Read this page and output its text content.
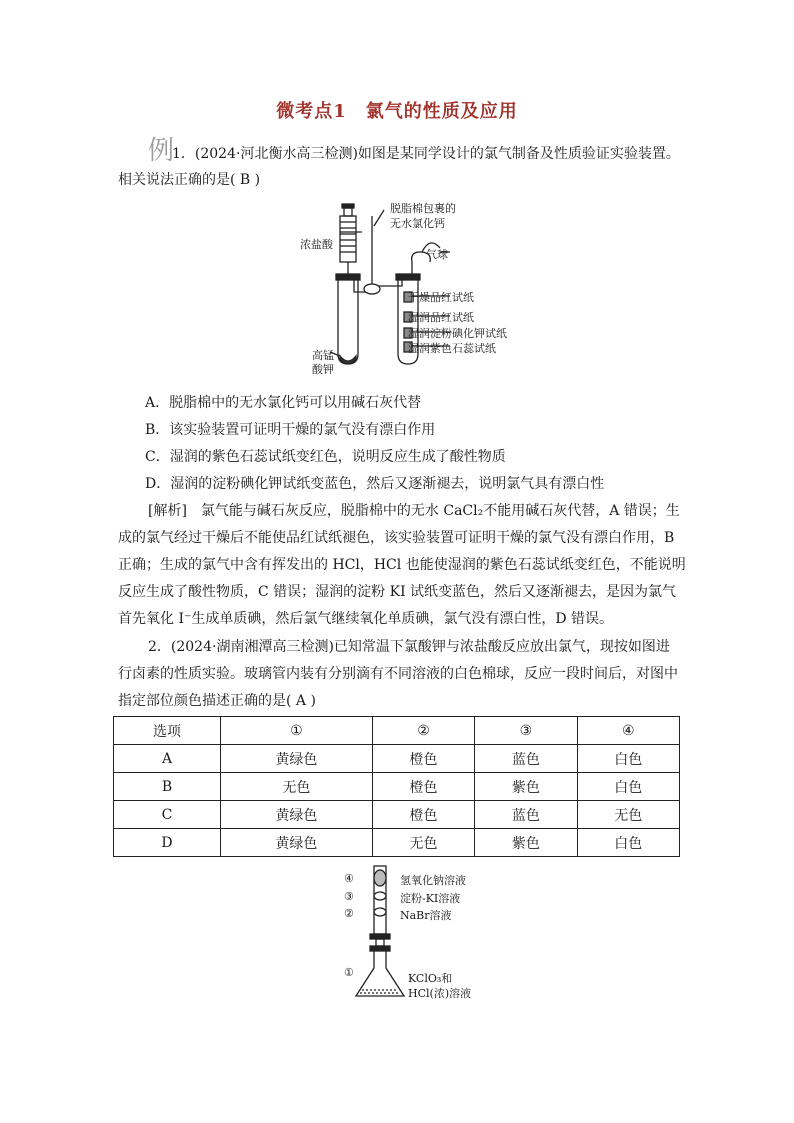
微考点1　氯气的性质及应用
例
1．(2024·河北衡水高三检测)如图是某同学设计的氯气制备及性质验证实验装置。
相关说法正确的是( B )
脱脂棉包裹的
无水氯化钙
浓盐酸
气球
干燥品红试纸
湿润品红试纸
湿润淀粉碘化钾试纸
湿润紫色石蕊试纸
高锰
酸钾
A．脱脂棉中的无水氯化钙可以用碱石灰代替
B．该实验装置可证明干燥的氯气没有漂白作用
C．湿润的紫色石蕊试纸变红色，说明反应生成了酸性物质
D．湿润的淀粉碘化钾试纸变蓝色，然后又逐渐褪去，说明氯气具有漂白性
[解析]　氯气能与碱石灰反应，脱脂棉中的无水 CaCl₂不能用碱石灰代替，A 错误；生
成的氯气经过干燥后不能使品红试纸褪色，该实验装置可证明干燥的氯气没有漂白作用，B
正确；生成的氯气中含有挥发出的 HCl，HCl 也能使湿润的紫色石蕊试纸变红色，不能说明
反应生成了酸性物质，C 错误；湿润的淀粉 KI 试纸变蓝色，然后又逐渐褪去，是因为氯气
首先氧化 I⁻生成单质碘，然后氯气继续氧化单质碘，氯气没有漂白性，D 错误。
2．(2024·湖南湘潭高三检测)已知常温下氯酸钾与浓盐酸反应放出氯气，现按如图进
行卤素的性质实验。玻璃管内装有分别滴有不同溶液的白色棉球，反应一段时间后，对图中
指定部位颜色描述正确的是( A )
选项	①	②	③	④
A	黄绿色	橙色	蓝色	白色
B	无色	橙色	紫色	白色
C	黄绿色	橙色	蓝色	无色
D	黄绿色	无色	紫色	白色
④	氢氧化钠溶液
③	淀粉-KI溶液
②	NaBr溶液
①	KClO₃和
HCl(浓)溶液
